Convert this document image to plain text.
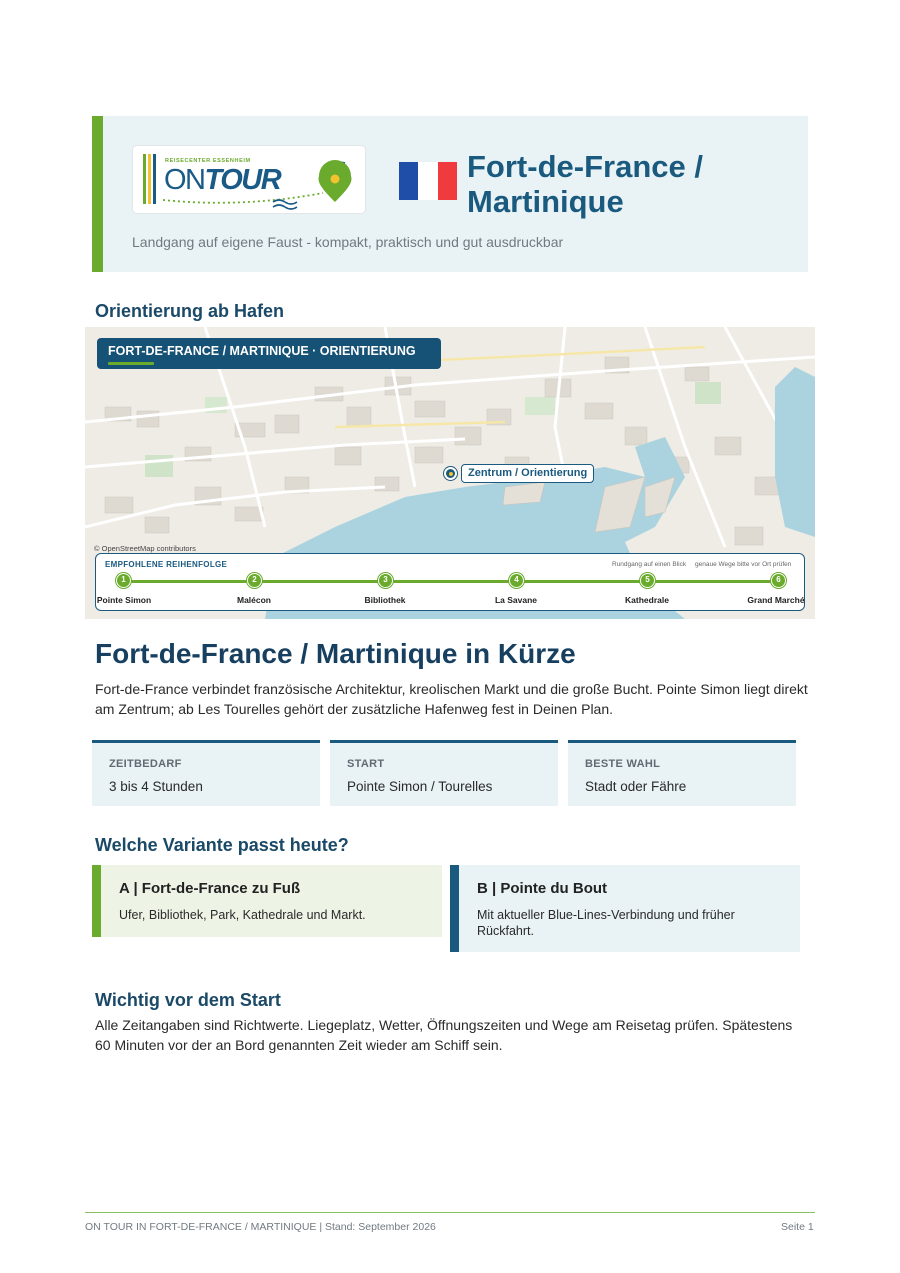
REISECENTER ESSENHEIM
ONTOUR	Fort-de-France / Martinique
Landgang auf eigene Faust - kompakt, praktisch und gut ausdruckbar
Orientierung ab Hafen
FORT-DE-FRANCE / MARTINIQUE · ORIENTIERUNG
Zentrum / Orientierung
© OpenStreetMap contributors
EMPFOHLENE REIHENFOLGE	Rundgang auf einen Blick genaue Wege bitte vor Ort prüfen
1	2	3	4	5	6
Pointe Simon	Malécon	Bibliothek	La Savane	Kathedrale	Grand Marché
Fort-de-France / Martinique in Kürze
Fort-de-France verbindet französische Architektur, kreolischen Markt und die große Bucht. Pointe Simon liegt direkt am Zentrum; ab Les Tourelles gehört der zusätzliche Hafenweg fest in Deinen Plan.
ZEITBEDARF
3 bis 4 Stunden
START
Pointe Simon / Tourelles
BESTE WAHL
Stadt oder Fähre
Welche Variante passt heute?
A | Fort-de-France zu Fuß
Ufer, Bibliothek, Park, Kathedrale und Markt.
B | Pointe du Bout
Mit aktueller Blue-Lines-Verbindung und früher Rückfahrt.
Wichtig vor dem Start
Alle Zeitangaben sind Richtwerte. Liegeplatz, Wetter, Öffnungszeiten und Wege am Reisetag prüfen. Spätestens 60 Minuten vor der an Bord genannten Zeit wieder am Schiff sein.
ON TOUR IN FORT-DE-FRANCE / MARTINIQUE | Stand: September 2026	Seite 1
